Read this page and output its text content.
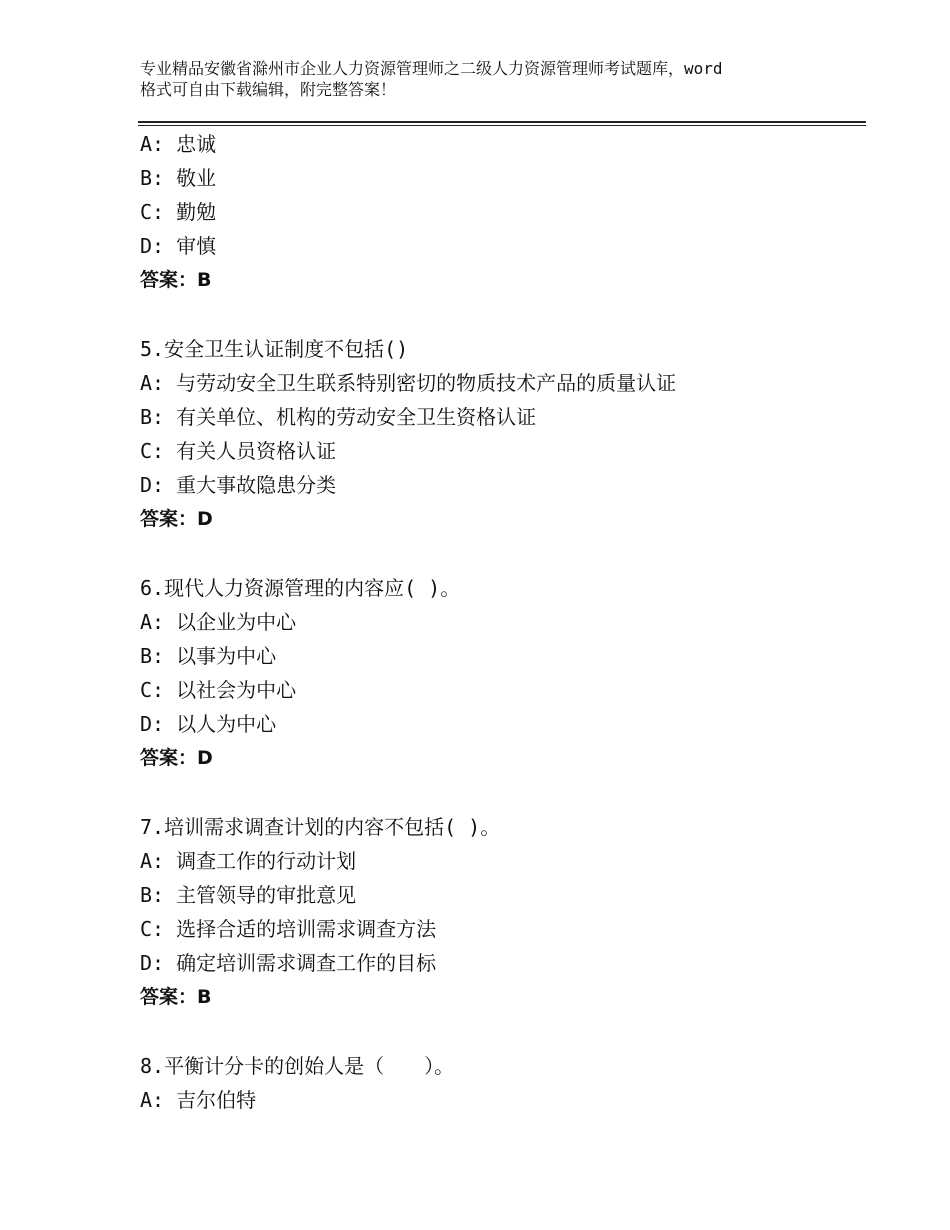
专业精品安徽省滁州市企业人力资源管理师之二级人力资源管理师考试题库，word
格式可自由下载编辑，附完整答案！
A: 忠诚
B: 敬业
C: 勤勉
D: 审慎
答案：B
5.安全卫生认证制度不包括()
A: 与劳动安全卫生联系特别密切的物质技术产品的质量认证
B: 有关单位、机构的劳动安全卫生资格认证
C: 有关人员资格认证
D: 重大事故隐患分类
答案：D
6.现代人力资源管理的内容应( )。
A: 以企业为中心
B: 以事为中心
C: 以社会为中心
D: 以人为中心
答案：D
7.培训需求调查计划的内容不包括( )。
A: 调查工作的行动计划
B: 主管领导的审批意见
C: 选择合适的培训需求调查方法
D: 确定培训需求调查工作的目标
答案：B
8.平衡计分卡的创始人是（　　）。
A: 吉尔伯特
